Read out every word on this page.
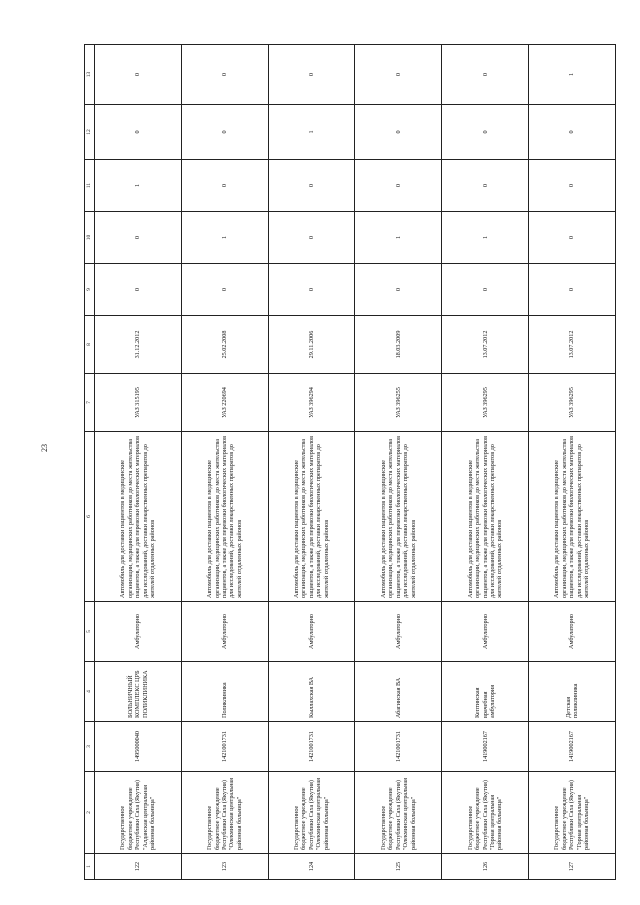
23
1	2	3	4	5	6	7	8	9	10	11	12	13
122	Государственное бюджетное учреждение Республики Саха (Якутия) "Алданская центральная районная больница"	1495000040	БОЛЬНИЧНЫЙ КОМПЛЕКС ЦРБ ПОЛИКЛИНИКА	Амбулаторно	Автомобиль для доставки пациентов в медицинские организации, медицинских работников до места жительства пациентов, а также для перевозки биологических материалов для исследований, доставки лекарственных препаратов до жителей отдаленных районов	УАЗ 315195	31.12.2012	0	0	1	0	0
123	Государственное бюджетное учреждение Республики Саха (Якутия) "Олекминская центральная районная больница"	1421001731	Поликлиника	Амбулаторно	Автомобиль для доставки пациентов в медицинские организации, медицинских работников до места жительства пациентов, а также для перевозки биологических материалов для исследований, доставки лекарственных препаратов до жителей отдаленных районов	УАЗ 220694	25.02.2008	0	1	0	0	0
124	Государственное бюджетное учреждение Республики Саха (Якутия) "Олекминская центральная районная больница"	1421001731	Кыллахская ВА	Амбулаторно	Автомобиль для доставки пациентов в медицинские организации, медицинских работников до места жительства пациентов, а также для перевозки биологических материалов для исследований, доставки лекарственных препаратов до жителей отдаленных районов	УАЗ 396294	29.11.2006	0	0	0	1	0
125	Государственное бюджетное учреждение Республики Саха (Якутия) "Олекминская центральная районная больница"	1421001731	Абагинская ВА	Амбулаторно	Автомобиль для доставки пациентов в медицинские организации, медицинских работников до места жительства пациентов, а также для перевозки биологических материалов для исследований, доставки лекарственных препаратов до жителей отдаленных районов	УАЗ 396255	18.03.2009	0	1	0	0	0
126	Государственное бюджетное учреждение Республики Саха (Якутия) "Горная центральная районная больница"	1419002167	Кептинская врачебная амбулатория	Амбулаторно	Автомобиль для доставки пациентов в медицинские организации, медицинских работников до места жительства пациентов, а также для перевозки биологических материалов для исследований, доставки лекарственных препаратов до жителей отдаленных районов	УАЗ 396295	13.07.2012	0	1	0	0	0
127	Государственное бюджетное учреждение Республики Саха (Якутия) "Горная центральная районная больница"	1419002167	Детская поликлиника	Амбулаторно	Автомобиль для доставки пациентов в медицинские организации, медицинских работников до места жительства пациентов, а также для перевозки биологических материалов для исследований, доставки лекарственных препаратов до жителей отдаленных районов	УАЗ 396295	13.07.2012	0	0	0	0	1
